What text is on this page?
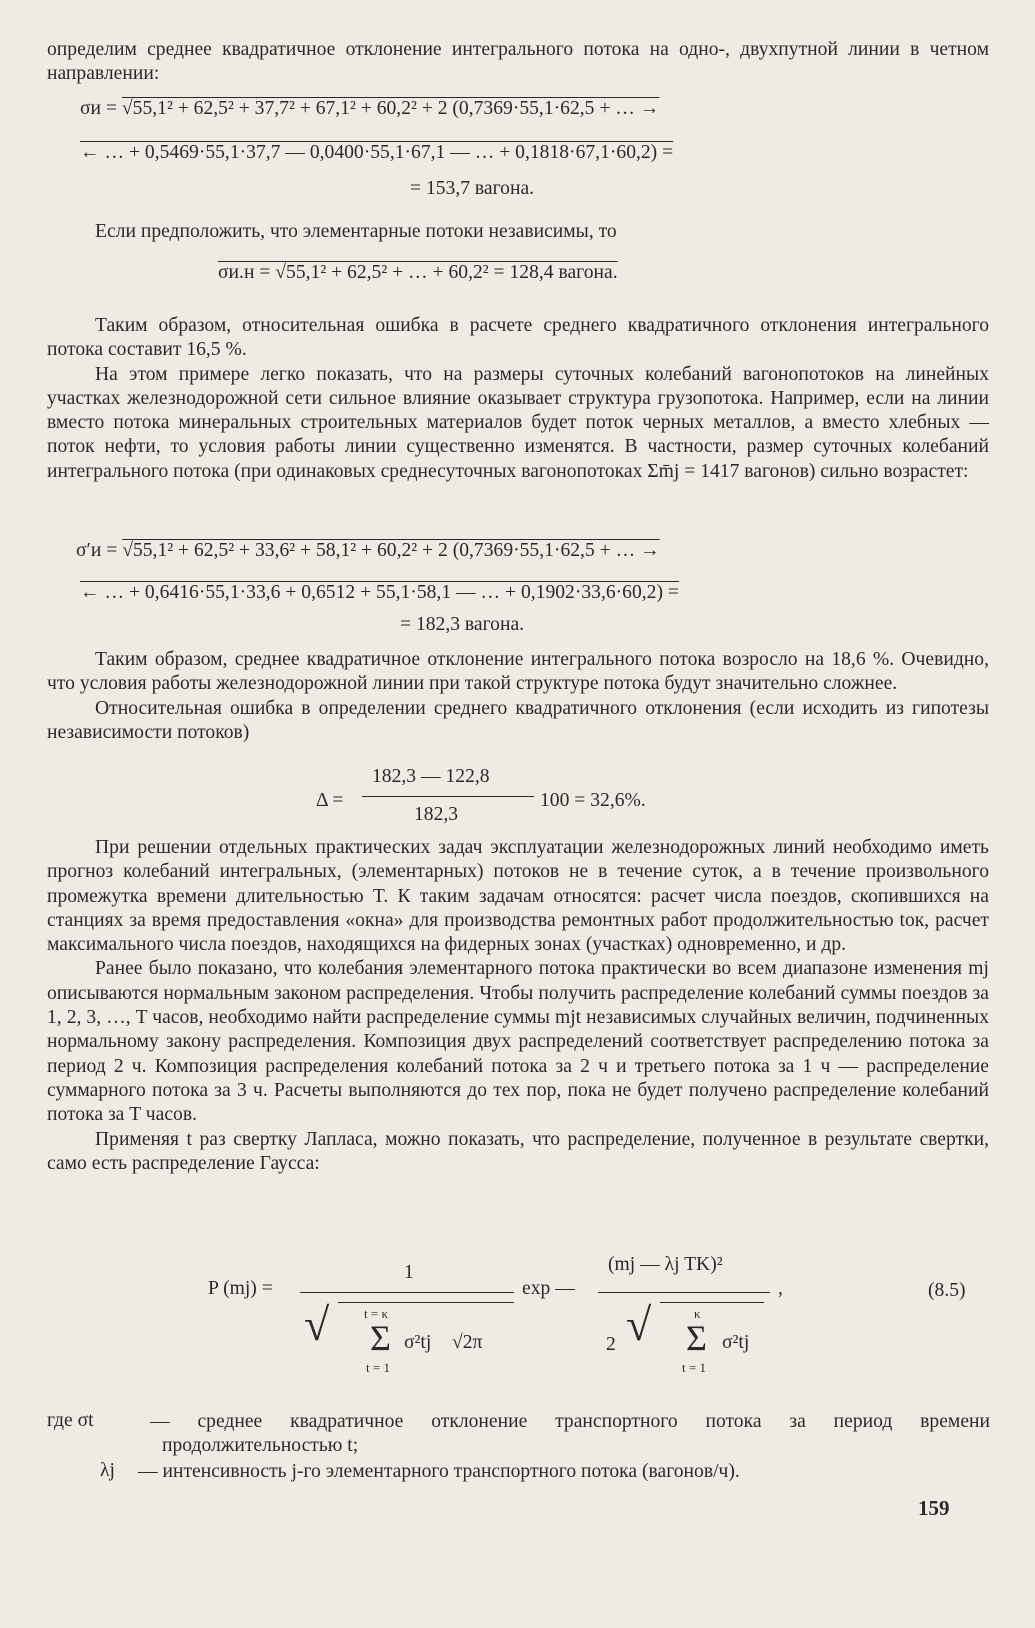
определим среднее квадратичное отклонение интегрального потока на одно-, двухпутной линии в четном направлении:

σи = √55,1² + 62,5² + 37,7² + 67,1² + 60,2² + 2 (0,7369·55,1·62,5 + … →
← … + 0,5469·55,1·37,7 — 0,0400·55,1·67,1 — … + 0,1818·67,1·60,2) =
= 153,7 вагона.

Если предположить, что элементарные потоки независимы, то

σи.н = √55,1² + 62,5² + … + 60,2² = 128,4 вагона.

Таким образом, относительная ошибка в расчете среднего квадратичного отклонения интегрального потока составит 16,5 %.

На этом примере легко показать, что на размеры суточных колебаний вагонопотоков на линейных участках железнодорожной сети сильное влияние оказывает структура грузопотока. Например, если на линии вместо потока минеральных строительных материалов будет поток черных металлов, а вместо хлебных — поток нефти, то условия работы линии существенно изменятся. В частности, размер суточных колебаний интегрального потока (при одинаковых среднесуточных вагонопотоках Σm̄j = 1417 вагонов) сильно возрастет:

σ′и = √55,1² + 62,5² + 33,6² + 58,1² + 60,2² + 2 (0,7369·55,1·62,5 + … →
← … + 0,6416·55,1·33,6 + 0,6512 + 55,1·58,1 — … + 0,1902·33,6·60,2) =
= 182,3 вагона.

Таким образом, среднее квадратичное отклонение интегрального потока возросло на 18,6 %. Очевидно, что условия работы железнодорожной линии при такой структуре потока будут значительно сложнее.

Относительная ошибка в определении среднего квадратичного отклонения (если исходить из гипотезы независимости потоков)

Δ =
182,3 — 122,8
182,3
100 = 32,6%.

При решении отдельных практических задач эксплуатации железнодорожных линий необходимо иметь прогноз колебаний интегральных, (элементарных) потоков не в течение суток, а в течение произвольного промежутка времени длительностью T. К таким задачам относятся: расчет числа поездов, скопившихся на станциях за время предоставления «окна» для производства ремонтных работ продолжительностью tок, расчет максимального числа поездов, находящихся на фидерных зонах (участках) одновременно, и др.

Ранее было показано, что колебания элементарного потока практически во всем диапазоне изменения mj описываются нормальным законом распределения. Чтобы получить распределение колебаний суммы поездов за 1, 2, 3, …, T часов, необходимо найти распределение суммы mjt независимых случайных величин, подчиненных нормальному закону распределения. Композиция двух распределений соответствует распределению потока за период 2 ч. Композиция распределения колебаний потока за 2 ч и третьего потока за 1 ч — распределение суммарного потока за 3 ч. Расчеты выполняются до тех пор, пока не будет получено распределение колебаний потока за T часов.

Применяя t раз свертку Лапласа, можно показать, что распределение, полученное в результате свертки, само есть распределение Гаусса:

P (mj) =
1
√	t = κ
Σ
t = 1
σ²tj √2π
exp —
(mj — λj TK)²
,
2 √	κ
Σ
t = 1
σ²tj
(8.5)
где σt	— среднее квадратичное отклонение транспортного потока за период времени продолжительностью t;

λj — интенсивность j-го элементарного транспортного потока (вагонов/ч).

159
